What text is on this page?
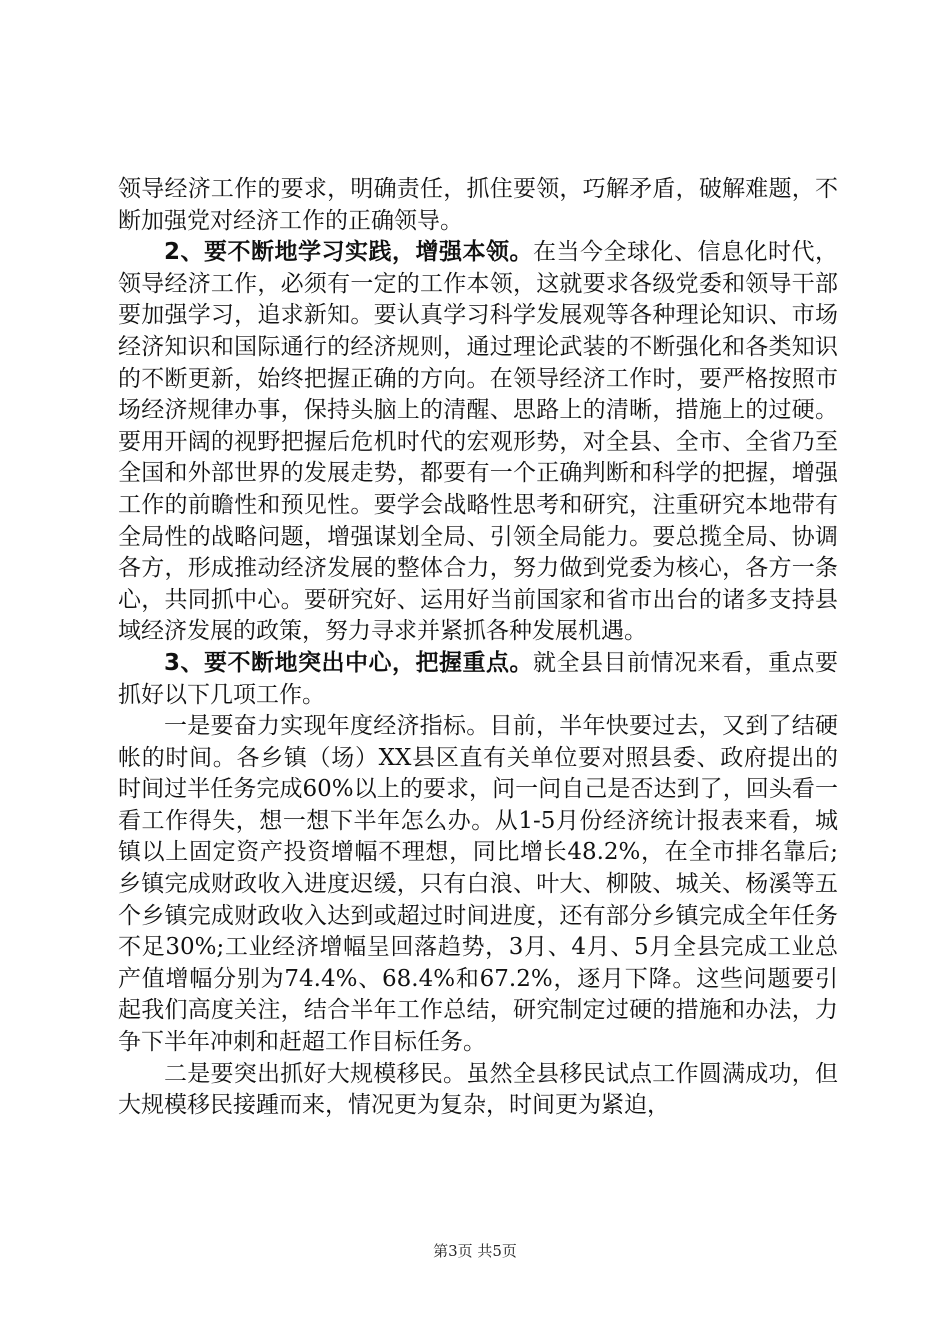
领导经济工作的要求，明确责任，抓住要领，巧解矛盾，破解难题，不断加强党对经济工作的正确领导。

2、要不断地学习实践，增强本领。在当今全球化、信息化时代，领导经济工作，必须有一定的工作本领，这就要求各级党委和领导干部要加强学习，追求新知。要认真学习科学发展观等各种理论知识、市场经济知识和国际通行的经济规则，通过理论武装的不断强化和各类知识的不断更新，始终把握正确的方向。在领导经济工作时，要严格按照市场经济规律办事，保持头脑上的清醒、思路上的清晰，措施上的过硬。要用开阔的视野把握后危机时代的宏观形势，对全县、全市、全省乃至全国和外部世界的发展走势，都要有一个正确判断和科学的把握，增强工作的前瞻性和预见性。要学会战略性思考和研究，注重研究本地带有全局性的战略问题，增强谋划全局、引领全局能力。要总揽全局、协调各方，形成推动经济发展的整体合力，努力做到党委为核心，各方一条心，共同抓中心。要研究好、运用好当前国家和省市出台的诸多支持县域经济发展的政策，努力寻求并紧抓各种发展机遇。

3、要不断地突出中心，把握重点。就全县目前情况来看，重点要抓好以下几项工作。

一是要奋力实现年度经济指标。目前，半年快要过去，又到了结硬帐的时间。各乡镇（场）XX县区直有关单位要对照县委、政府提出的时间过半任务完成60%以上的要求，问一问自己是否达到了，回头看一看工作得失，想一想下半年怎么办。从1-5月份经济统计报表来看，城镇以上固定资产投资增幅不理想，同比增长48.2%，在全市排名靠后;乡镇完成财政收入进度迟缓，只有白浪、叶大、柳陂、城关、杨溪等五个乡镇完成财政收入达到或超过时间进度，还有部分乡镇完成全年任务不足30%;工业经济增幅呈回落趋势，3月、4月、5月全县完成工业总产值增幅分别为74.4%、68.4%和67.2%，逐月下降。这些问题要引起我们高度关注，结合半年工作总结，研究制定过硬的措施和办法，力争下半年冲刺和赶超工作目标任务。

二是要突出抓好大规模移民。虽然全县移民试点工作圆满成功，但大规模移民接踵而来，情况更为复杂，时间更为紧迫，

第3页 共5页
